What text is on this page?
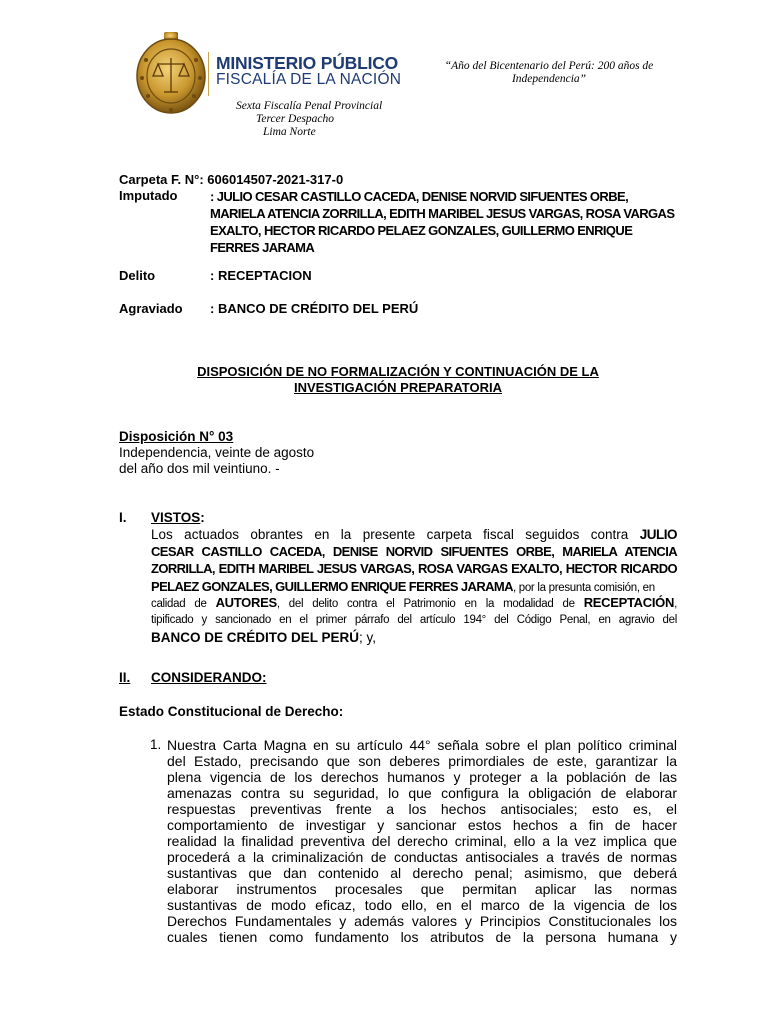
MINISTERIO PÚBLICO
FISCALÍA DE LA NACIÓN
“Año del Bicentenario del Perú: 200 años de Independencia”
Sexta Fiscalía Penal Provincial
Tercer Despacho
Lima Norte
Carpeta F. N°: 606014507-2021-317-0
Imputado	: JULIO CESAR CASTILLO CACEDA, DENISE NORVID SIFUENTES ORBE,
MARIELA ATENCIA ZORRILLA, EDITH MARIBEL JESUS VARGAS, ROSA VARGAS
EXALTO, HECTOR RICARDO PELAEZ GONZALES, GUILLERMO ENRIQUE
FERRES JARAMA
Delito	: RECEPTACION
Agraviado : BANCO DE CRÉDITO DEL PERÚ
DISPOSICIÓN DE NO FORMALIZACIÓN Y CONTINUACIÓN DE LA
INVESTIGACIÓN PREPARATORIA
Disposición N° 03
Independencia, veinte de agosto
del año dos mil veintiuno. -
I. VISTOS:
Los actuados obrantes en la presente carpeta fiscal seguidos contra JULIO
CESAR CASTILLO CACEDA, DENISE NORVID SIFUENTES ORBE, MARIELA ATENCIA
ZORRILLA, EDITH MARIBEL JESUS VARGAS, ROSA VARGAS EXALTO, HECTOR RICARDO
PELAEZ GONZALES, GUILLERMO ENRIQUE FERRES JARAMA, por la presunta comisión, en
calidad de AUTORES, del delito contra el Patrimonio en la modalidad de RECEPTACIÓN,
tipificado y sancionado en el primer párrafo del artículo 194° del Código Penal, en agravio del
BANCO DE CRÉDITO DEL PERÚ; y,
II. CONSIDERANDO:
Estado Constitucional de Derecho:
1. Nuestra Carta Magna en su artículo 44° señala sobre el plan político criminal
del Estado, precisando que son deberes primordiales de este, garantizar la
plena vigencia de los derechos humanos y proteger a la población de las
amenazas contra su seguridad, lo que configura la obligación de elaborar
respuestas preventivas frente a los hechos antisociales; esto es, el
comportamiento de investigar y sancionar estos hechos a fin de hacer
realidad la finalidad preventiva del derecho criminal, ello a la vez implica que
procederá a la criminalización de conductas antisociales a través de normas
sustantivas que dan contenido al derecho penal; asimismo, que deberá
elaborar instrumentos procesales que permitan aplicar las normas
sustantivas de modo eficaz, todo ello, en el marco de la vigencia de los
Derechos Fundamentales y además valores y Principios Constitucionales los
cuales tienen como fundamento los atributos de la persona humana y
